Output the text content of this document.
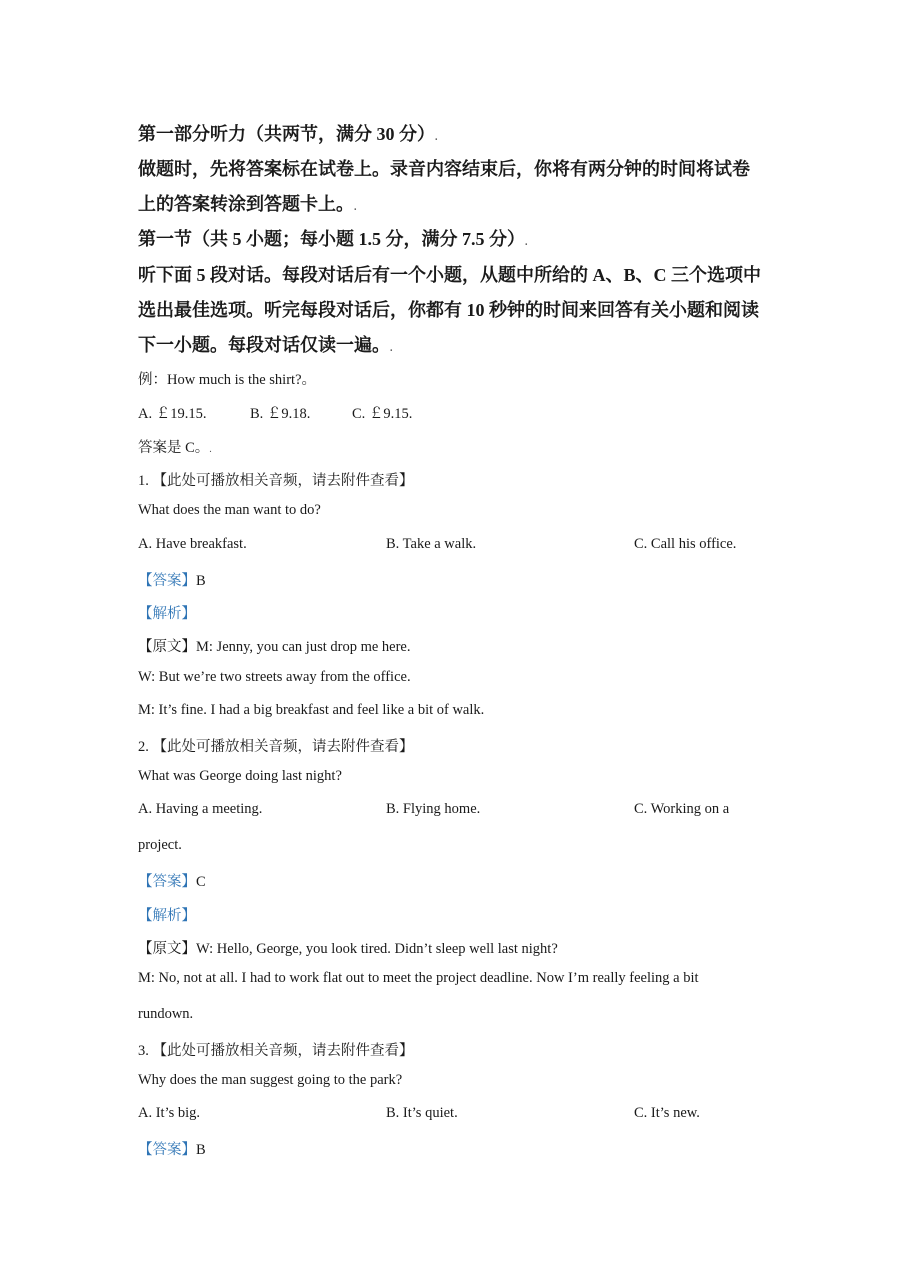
第一部分听力（共两节，满分 30 分）.
做题时，先将答案标在试卷上。录音内容结束后，你将有两分钟的时间将试卷
上的答案转涂到答题卡上。.
第一节（共 5 小题；每小题 1.5 分，满分 7.5 分）.
听下面 5 段对话。每段对话后有一个小题，从题中所给的 A、B、C 三个选项中
选出最佳选项。听完每段对话后，你都有 10 秒钟的时间来回答有关小题和阅读
下一小题。每段对话仅读一遍。.
例：How much is the shirt?。
A. ￡19.15.	B. ￡9.18.	C. ￡9.15.
答案是 C。.
1. 【此处可播放相关音频，请去附件查看】
What does the man want to do?
A. Have breakfast.	B. Take a walk.	C. Call his office.
【答案】B
【解析】
【原文】M: Jenny, you can just drop me here.
W: But we’re two streets away from the office.
M: It’s fine. I had a big breakfast and feel like a bit of walk.
2. 【此处可播放相关音频，请去附件查看】
What was George doing last night?
A. Having a meeting.	B. Flying home.	C. Working on a
project.
【答案】C
【解析】
【原文】W: Hello, George, you look tired. Didn’t sleep well last night?
M: No, not at all. I had to work flat out to meet the project deadline. Now I’m really feeling a bit
rundown.
3. 【此处可播放相关音频，请去附件查看】
Why does the man suggest going to the park?
A. It’s big.	B. It’s quiet.	C. It’s new.
【答案】B
